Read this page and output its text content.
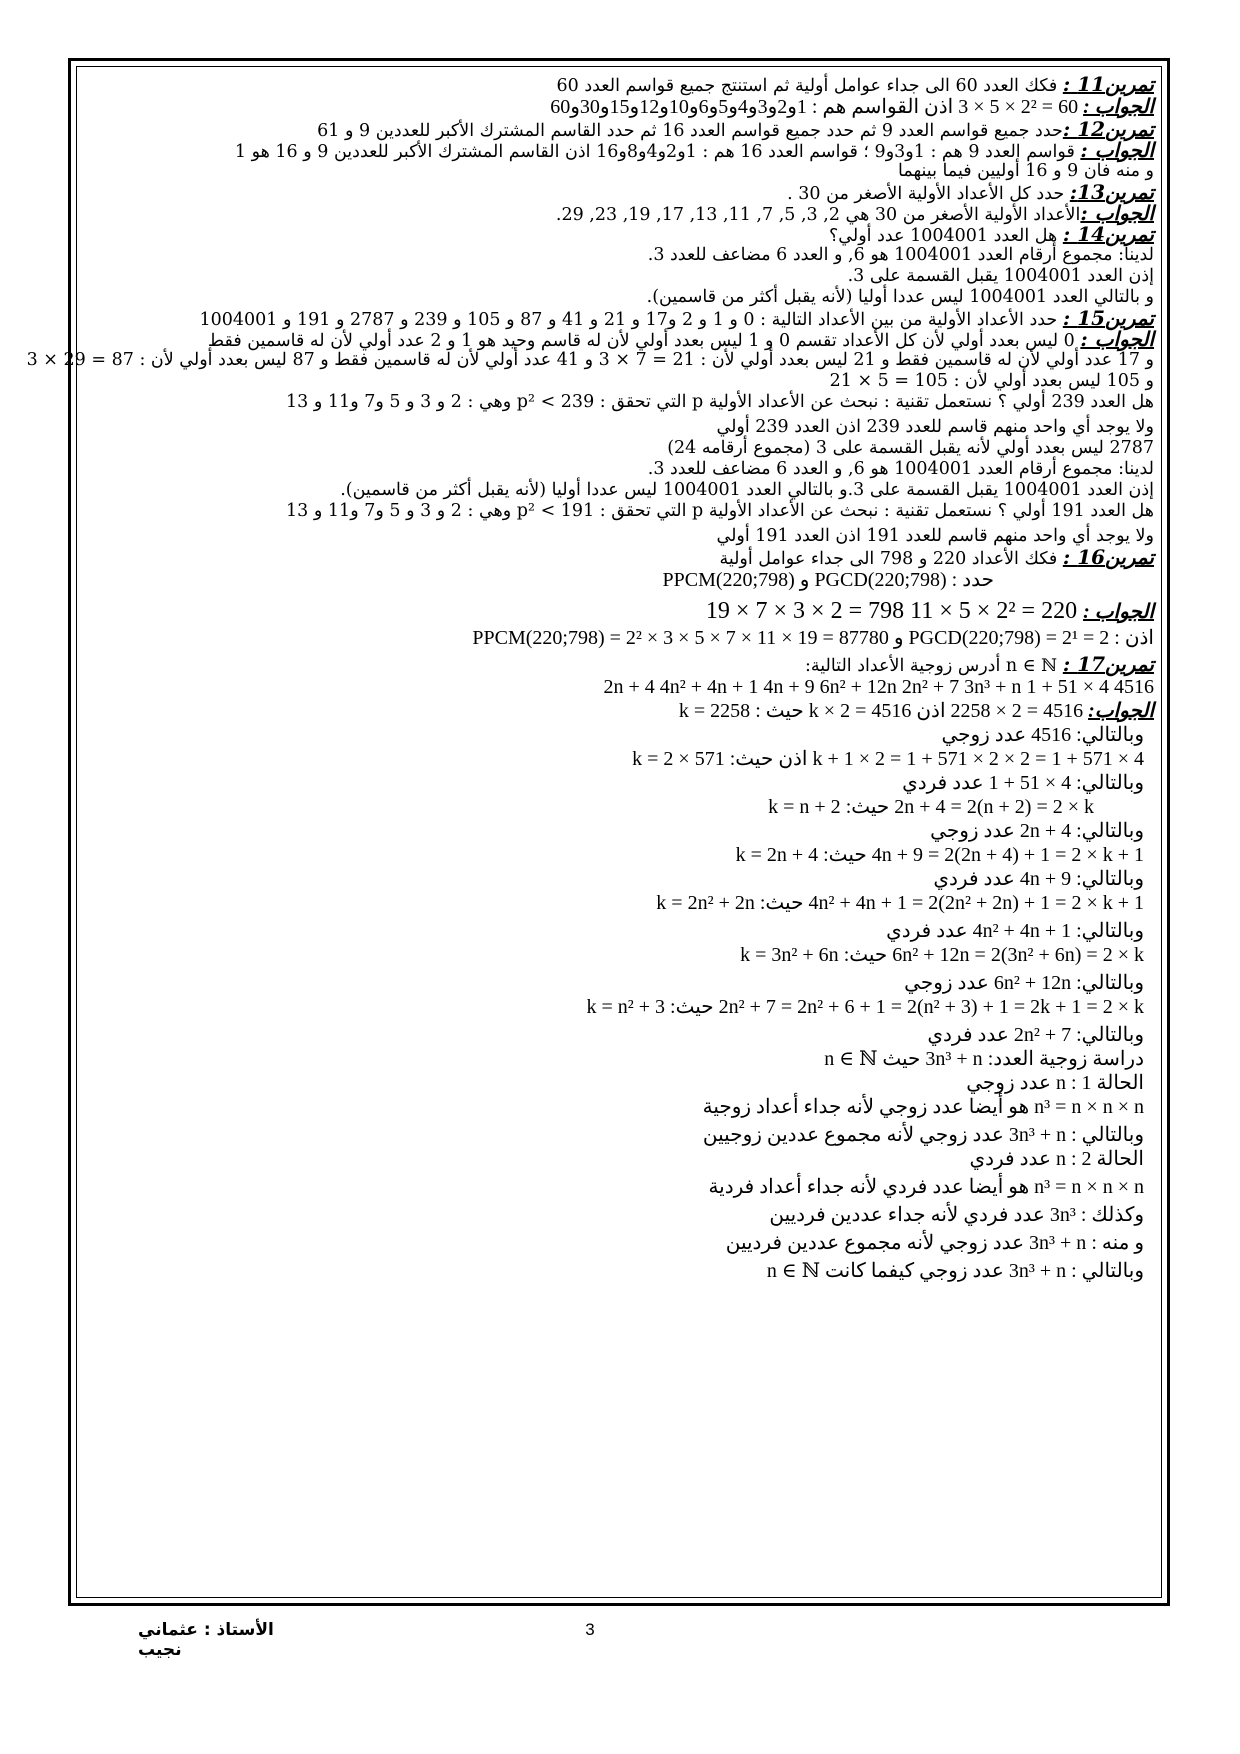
تمرين11 : فكك العدد 60 الى جداء عوامل أولية ثم استنتج جميع قواسم العدد 60
الجواب : 60 = 2² × 5 × 3 اذن القواسم هم : 1و2و3و4و5و6و10و12و15و30و60
تمرين12 :حدد جميع قواسم العدد 9 ثم حدد جميع قواسم العدد 16 ثم حدد القاسم المشترك الأكبر للعددين 9 و 61
الجواب : قواسم العدد 9 هم : 1و3و9 ؛ قواسم العدد 16 هم : 1و2و4و8و16 اذن القاسم المشترك الأكبر للعددين 9 و 16 هو 1
و منه فان 9 و 16 أوليين فيما بينهما
تمرين13: حدد كل الأعداد الأولية الأصغر من 30 .
الجواب :الأعداد الأولية الأصغر من 30 هي 2, 3, 5, 7, 11, 13, 17, 19, 23, 29.
تمرين14 : هل العدد 1004001 عدد أولي؟
لدينا: مجموع أرقام العدد 1004001 هو 6, و العدد 6 مضاعف للعدد 3.
إذن العدد 1004001 يقبل القسمة على 3.
و بالتالي العدد 1004001 ليس عددا أوليا (لأنه يقبل أكثر من قاسمين).
تمرين15 : حدد الأعداد الأولية من بين الأعداد التالية : 0 و 1 و 2 و17 و 21 و 41 و 87 و 105 و 239 و 2787 و 191 و 1004001
الجواب : 0 ليس بعدد أولي لأن كل الأعداد تقسم 0 و 1 ليس بعدد أولي لأن له قاسم وحيد هو 1 و 2 عدد أولي لأن له قاسمين فقط
و 17 عدد أولي لأن له قاسمين فقط و 21 ليس بعدد أولي لأن : 21 = 7 × 3 و 41 عدد أولي لأن له قاسمين فقط و 87 ليس بعدد أولي لأن : 87 = 29 × 3
و 105 ليس بعدد أولي لأن : 105 = 5 × 21
هل العدد 239 أولي ؟ نستعمل تقنية : نبحث عن الأعداد الأولية p التي تحقق : p² < 239 وهي : 2 و 3 و 5 و7 و11 و 13
ولا يوجد أي واحد منهم قاسم للعدد 239 اذن العدد 239 أولي
2787 ليس بعدد أولي لأنه يقبل القسمة على 3 (مجموع أرقامه 24)
لدينا: مجموع أرقام العدد 1004001 هو 6, و العدد 6 مضاعف للعدد 3.
إذن العدد 1004001 يقبل القسمة على 3.و بالتالي العدد 1004001 ليس عددا أوليا (لأنه يقبل أكثر من قاسمين).
هل العدد 191 أولي ؟ نستعمل تقنية : نبحث عن الأعداد الأولية p التي تحقق : p² < 191 وهي : 2 و 3 و 5 و7 و11 و 13
ولا يوجد أي واحد منهم قاسم للعدد 191 اذن العدد 191 أولي
تمرين16 : فكك الأعداد 220 و 798 الى جداء عوامل أولية
حدد : PGCD(220;798) و PPCM(220;798)
الجواب : 220 = 2² × 5 × 11 798 = 2 × 3 × 7 × 19
اذن : PGCD(220;798) = 2¹ = 2 و PPCM(220;798) = 2² × 3 × 5 × 7 × 11 × 19 = 87780
تمرين17 : n ∈ ℕ أدرس زوجية الأعداد التالية:
4516 4 × 51 + 1 2n + 4 4n² + 4n + 1 4n + 9 6n² + 12n 2n² + 7 3n³ + n
الجواب: 4516 = 2 × 2258 اذن 4516 = 2 × k حيث : k = 2258
وبالتالي: 4516 عدد زوجي
4 × 571 + 1 = 2 × 2 × 571 + 1 = 2 × k + 1 اذن حيث: k = 2 × 571
وبالتالي: 4 × 51 + 1 عدد فردي
2n + 4 = 2(n + 2) = 2 × k حيث: k = n + 2
وبالتالي: 2n + 4 عدد زوجي
4n + 9 = 2(2n + 4) + 1 = 2 × k + 1 حيث: k = 2n + 4
وبالتالي: 4n + 9 عدد فردي
4n² + 4n + 1 = 2(2n² + 2n) + 1 = 2 × k + 1 حيث: k = 2n² + 2n
وبالتالي: 4n² + 4n + 1 عدد فردي
6n² + 12n = 2(3n² + 6n) = 2 × k حيث: k = 3n² + 6n
وبالتالي: 6n² + 12n عدد زوجي
2n² + 7 = 2n² + 6 + 1 = 2(n² + 3) + 1 = 2k + 1 = 2 × k حيث: k = n² + 3
وبالتالي: 2n² + 7 عدد فردي
دراسة زوجية العدد: 3n³ + n حيث n ∈ ℕ
الحالة 1 : n عدد زوجي
n³ = n × n × n هو أيضا عدد زوجي لأنه جداء أعداد زوجية
وبالتالي : 3n³ + n عدد زوجي لأنه مجموع عددين زوجيين
الحالة 2 : n عدد فردي
n³ = n × n × n هو أيضا عدد فردي لأنه جداء أعداد فردية
وكذلك : 3n³ عدد فردي لأنه جداء عددين فرديين
و منه : 3n³ + n عدد زوجي لأنه مجموع عددين فرديين
وبالتالي : 3n³ + n عدد زوجي كيفما كانت n ∈ ℕ
الأستاذ : عثماني نجيب
3
